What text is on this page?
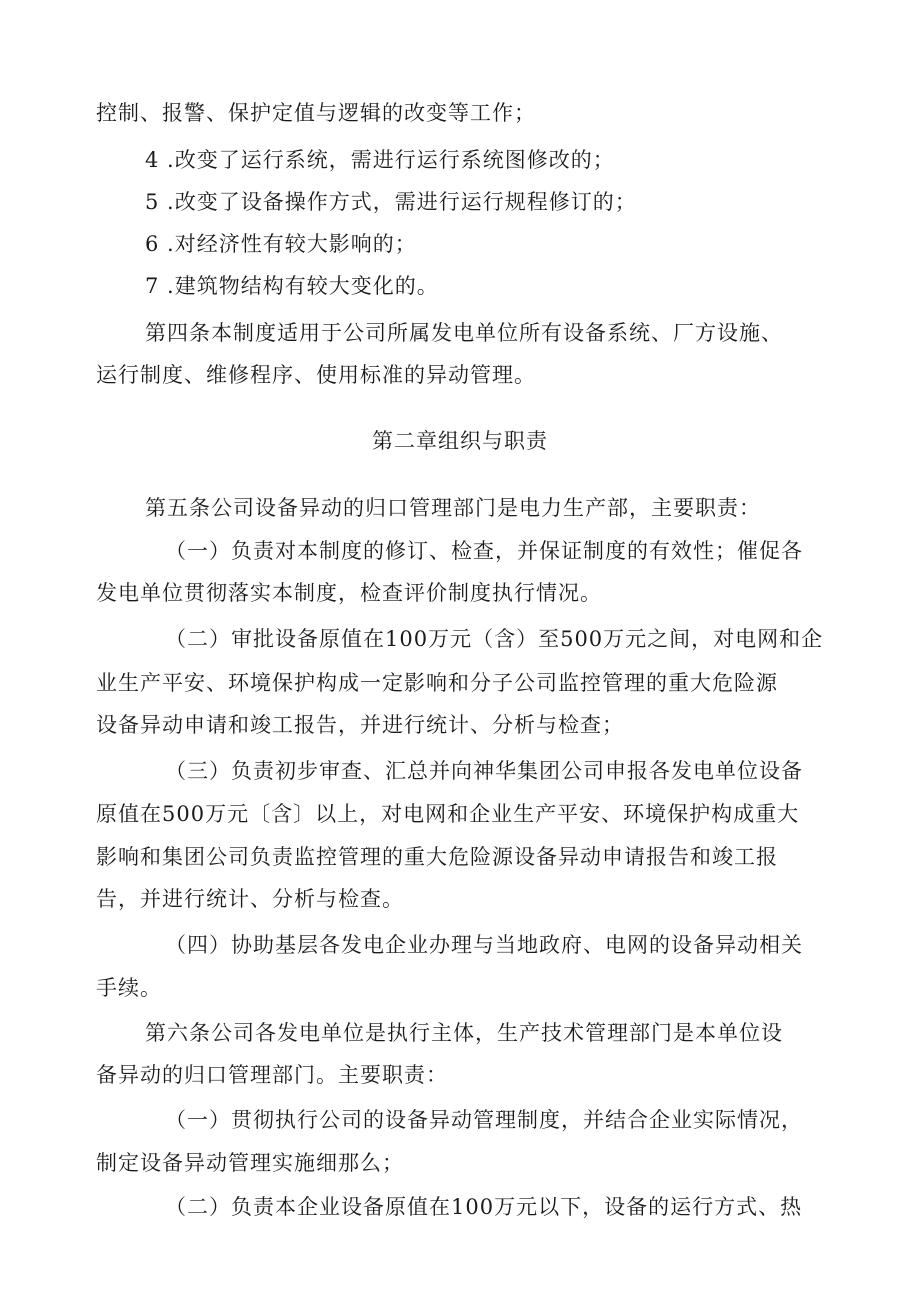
控制、报警、保护定值与逻辑的改变等工作；
4 .改变了运行系统，需进行运行系统图修改的；
5 .改变了设备操作方式，需进行运行规程修订的；
6 .对经济性有较大影响的；
7 .建筑物结构有较大变化的。
第四条本制度适用于公司所属发电单位所有设备系统、厂方设施、
运行制度、维修程序、使用标准的异动管理。
第二章组织与职责
第五条公司设备异动的归口管理部门是电力生产部，主要职责：
（一）负责对本制度的修订、检查，并保证制度的有效性；催促各
发电单位贯彻落实本制度，检查评价制度执行情况。
（二）审批设备原值在100万元（含）至500万元之间，对电网和企
业生产平安、环境保护构成一定影响和分子公司监控管理的重大危险源
设备异动申请和竣工报告，并进行统计、分析与检查；
（三）负责初步审查、汇总并向神华集团公司申报各发电单位设备
原值在500万元〔含〕以上，对电网和企业生产平安、环境保护构成重大
影响和集团公司负责监控管理的重大危险源设备异动申请报告和竣工报
告，并进行统计、分析与检查。
（四）协助基层各发电企业办理与当地政府、电网的设备异动相关
手续。
第六条公司各发电单位是执行主体，生产技术管理部门是本单位设
备异动的归口管理部门。主要职责：
（一）贯彻执行公司的设备异动管理制度，并结合企业实际情况，
制定设备异动管理实施细那么；
（二）负责本企业设备原值在100万元以下，设备的运行方式、热
